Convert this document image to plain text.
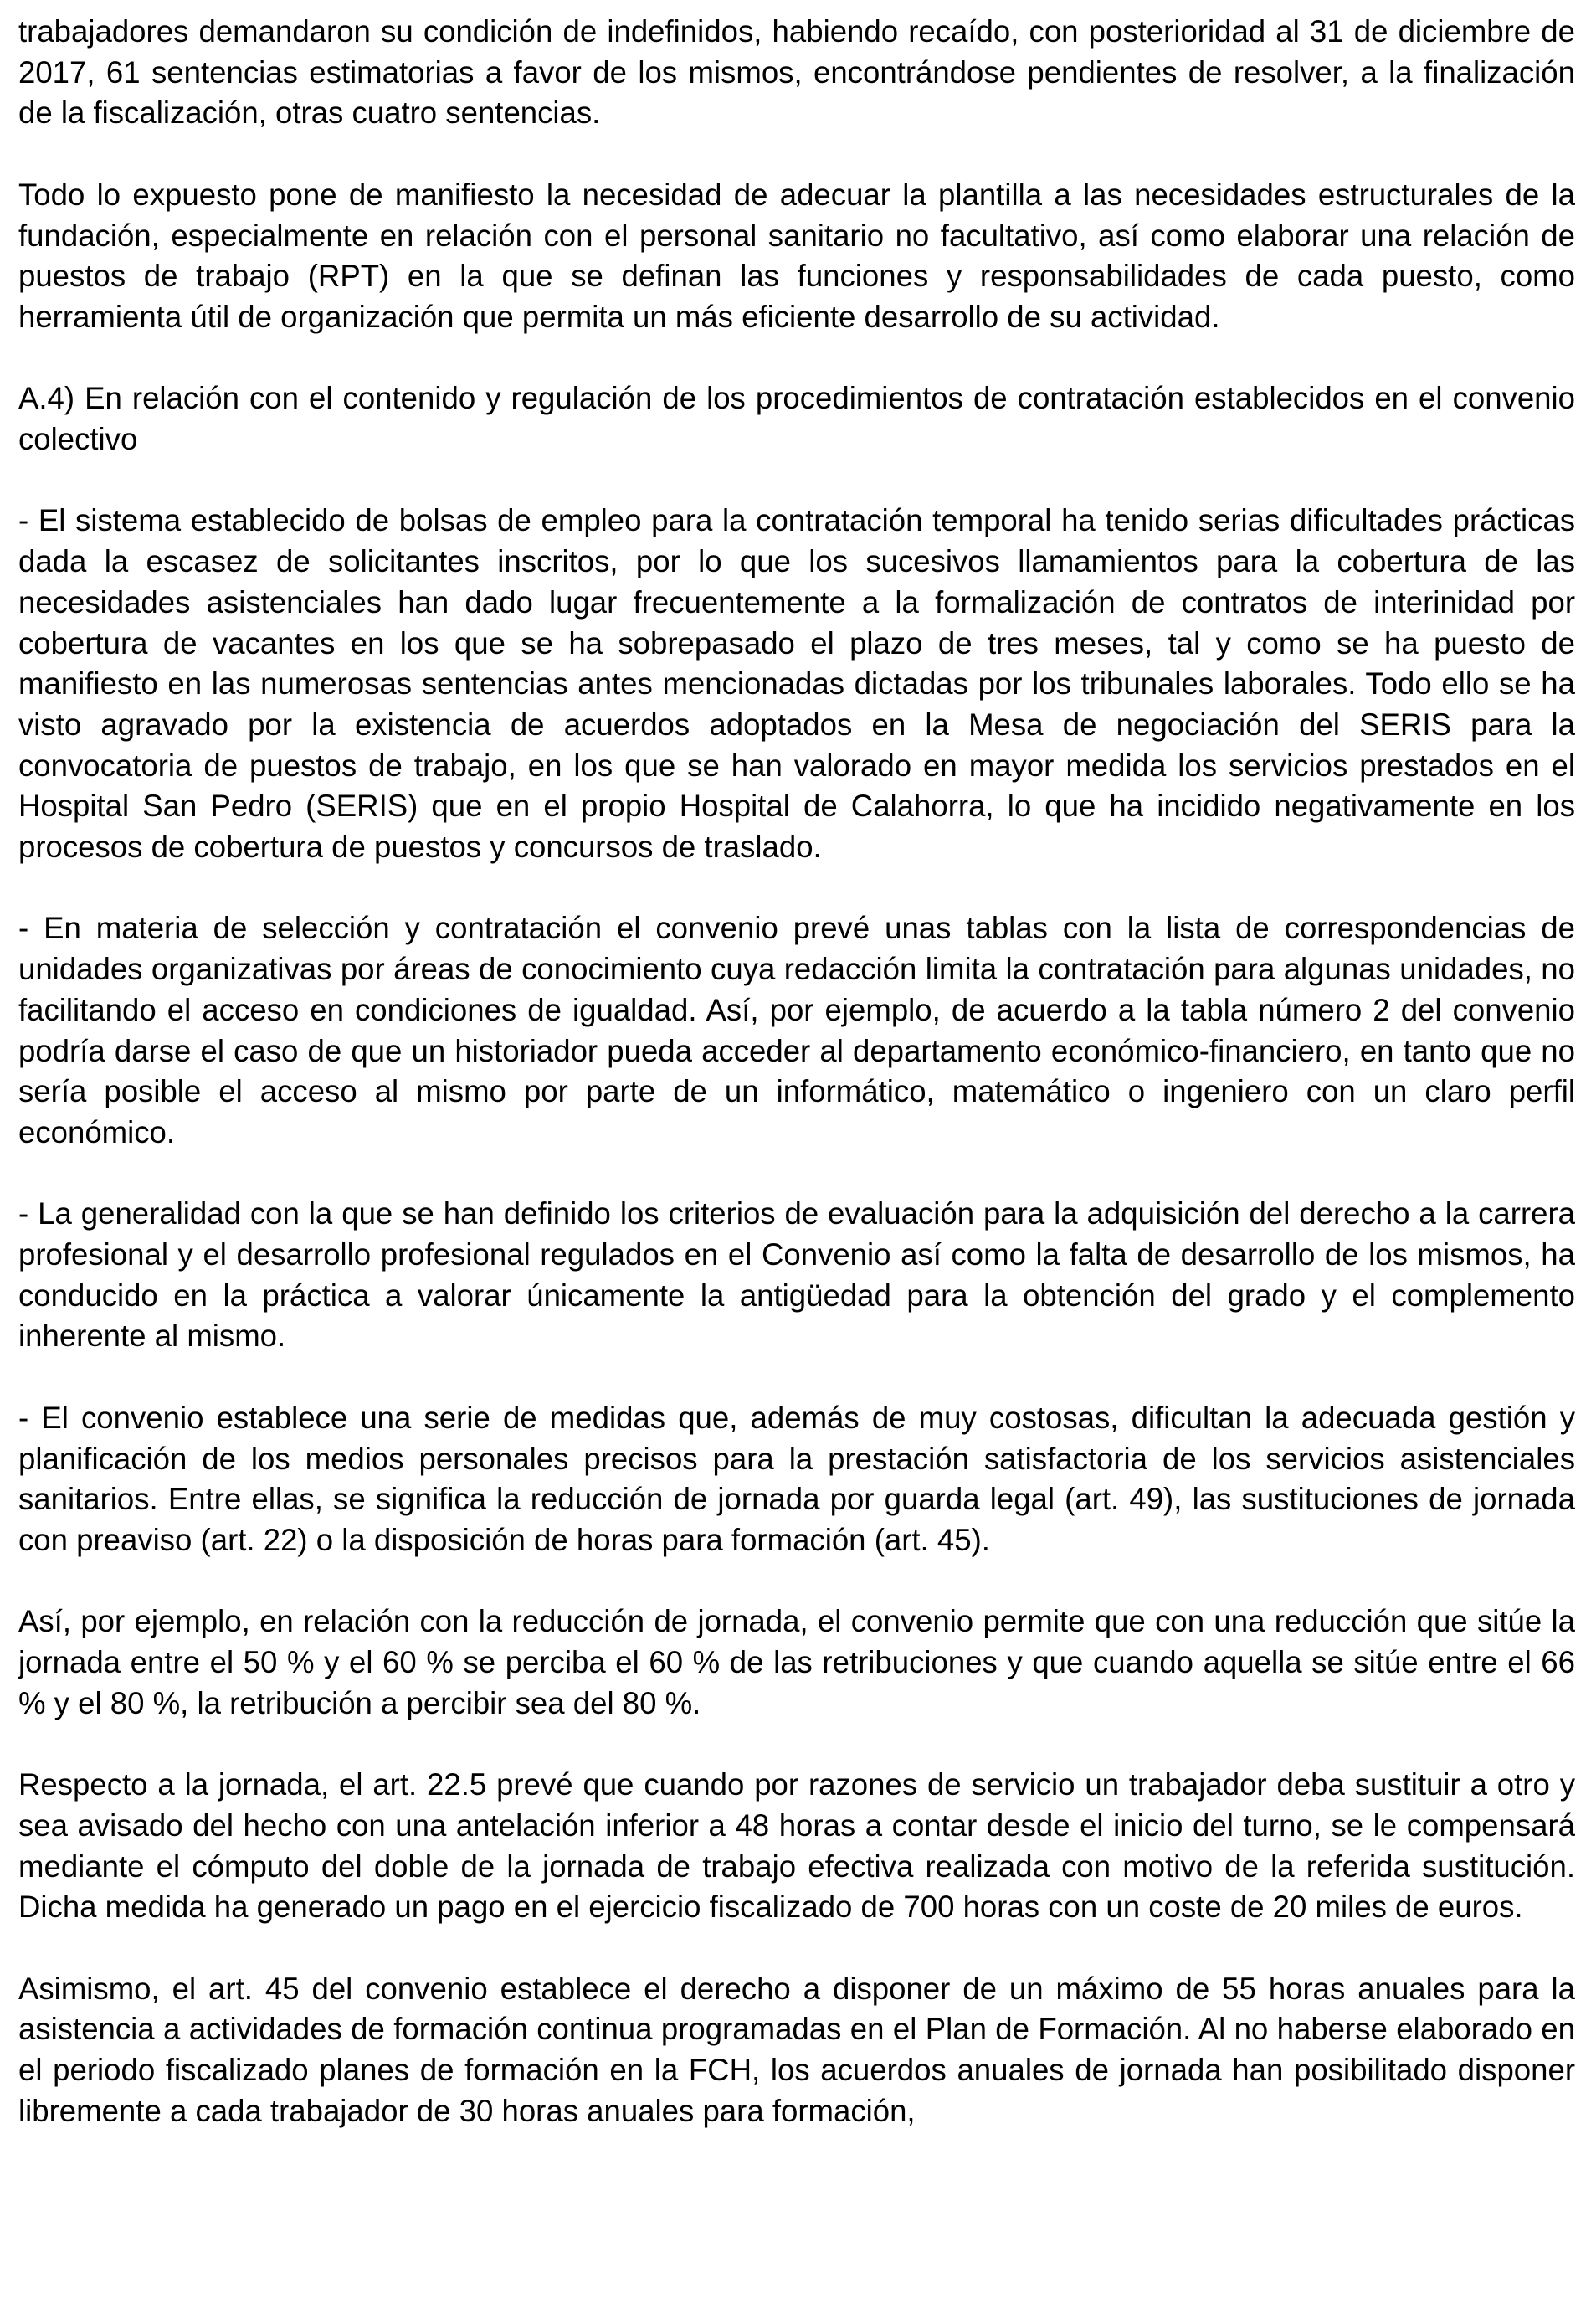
trabajadores demandaron su condición de indefinidos, habiendo recaído, con posterioridad al 31 de diciembre de 2017, 61 sentencias estimatorias a favor de los mismos, encontrándose pendientes de resolver, a la finalización de la fiscalización, otras cuatro sentencias.

Todo lo expuesto pone de manifiesto la necesidad de adecuar la plantilla a las necesidades estructurales de la fundación, especialmente en relación con el personal sanitario no facultativo, así como elaborar una relación de puestos de trabajo (RPT) en la que se definan las funciones y responsabilidades de cada puesto, como herramienta útil de organización que permita un más eficiente desarrollo de su actividad.

A.4) En relación con el contenido y regulación de los procedimientos de contratación establecidos en el convenio colectivo

- El sistema establecido de bolsas de empleo para la contratación temporal ha tenido serias dificultades prácticas dada la escasez de solicitantes inscritos, por lo que los sucesivos llamamientos para la cobertura de las necesidades asistenciales han dado lugar frecuentemente a la formalización de contratos de interinidad por cobertura de vacantes en los que se ha sobrepasado el plazo de tres meses, tal y como se ha puesto de manifiesto en las numerosas sentencias antes mencionadas dictadas por los tribunales laborales. Todo ello se ha visto agravado por la existencia de acuerdos adoptados en la Mesa de negociación del SERIS para la convocatoria de puestos de trabajo, en los que se han valorado en mayor medida los servicios prestados en el Hospital San Pedro (SERIS) que en el propio Hospital de Calahorra, lo que ha incidido negativamente en los procesos de cobertura de puestos y concursos de traslado.

- En materia de selección y contratación el convenio prevé unas tablas con la lista de correspondencias de unidades organizativas por áreas de conocimiento cuya redacción limita la contratación para algunas unidades, no facilitando el acceso en condiciones de igualdad. Así, por ejemplo, de acuerdo a la tabla número 2 del convenio podría darse el caso de que un historiador pueda acceder al departamento económico-financiero, en tanto que no sería posible el acceso al mismo por parte de un informático, matemático o ingeniero con un claro perfil económico.

- La generalidad con la que se han definido los criterios de evaluación para la adquisición del derecho a la carrera profesional y el desarrollo profesional regulados en el Convenio así como la falta de desarrollo de los mismos, ha conducido en la práctica a valorar únicamente la antigüedad para la obtención del grado y el complemento inherente al mismo.

- El convenio establece una serie de medidas que, además de muy costosas, dificultan la adecuada gestión y planificación de los medios personales precisos para la prestación satisfactoria de los servicios asistenciales sanitarios. Entre ellas, se significa la reducción de jornada por guarda legal (art. 49), las sustituciones de jornada con preaviso (art. 22) o la disposición de horas para formación (art. 45).

Así, por ejemplo, en relación con la reducción de jornada, el convenio permite que con una reducción que sitúe la jornada entre el 50 % y el 60 % se perciba el 60 % de las retribuciones y que cuando aquella se sitúe entre el 66 % y el 80 %, la retribución a percibir sea del 80 %.

Respecto a la jornada, el art. 22.5 prevé que cuando por razones de servicio un trabajador deba sustituir a otro y sea avisado del hecho con una antelación inferior a 48 horas a contar desde el inicio del turno, se le compensará mediante el cómputo del doble de la jornada de trabajo efectiva realizada con motivo de la referida sustitución. Dicha medida ha generado un pago en el ejercicio fiscalizado de 700 horas con un coste de 20 miles de euros.

Asimismo, el art. 45 del convenio establece el derecho a disponer de un máximo de 55 horas anuales para la asistencia a actividades de formación continua programadas en el Plan de Formación. Al no haberse elaborado en el periodo fiscalizado planes de formación en la FCH, los acuerdos anuales de jornada han posibilitado disponer libremente a cada trabajador de 30 horas anuales para formación,
